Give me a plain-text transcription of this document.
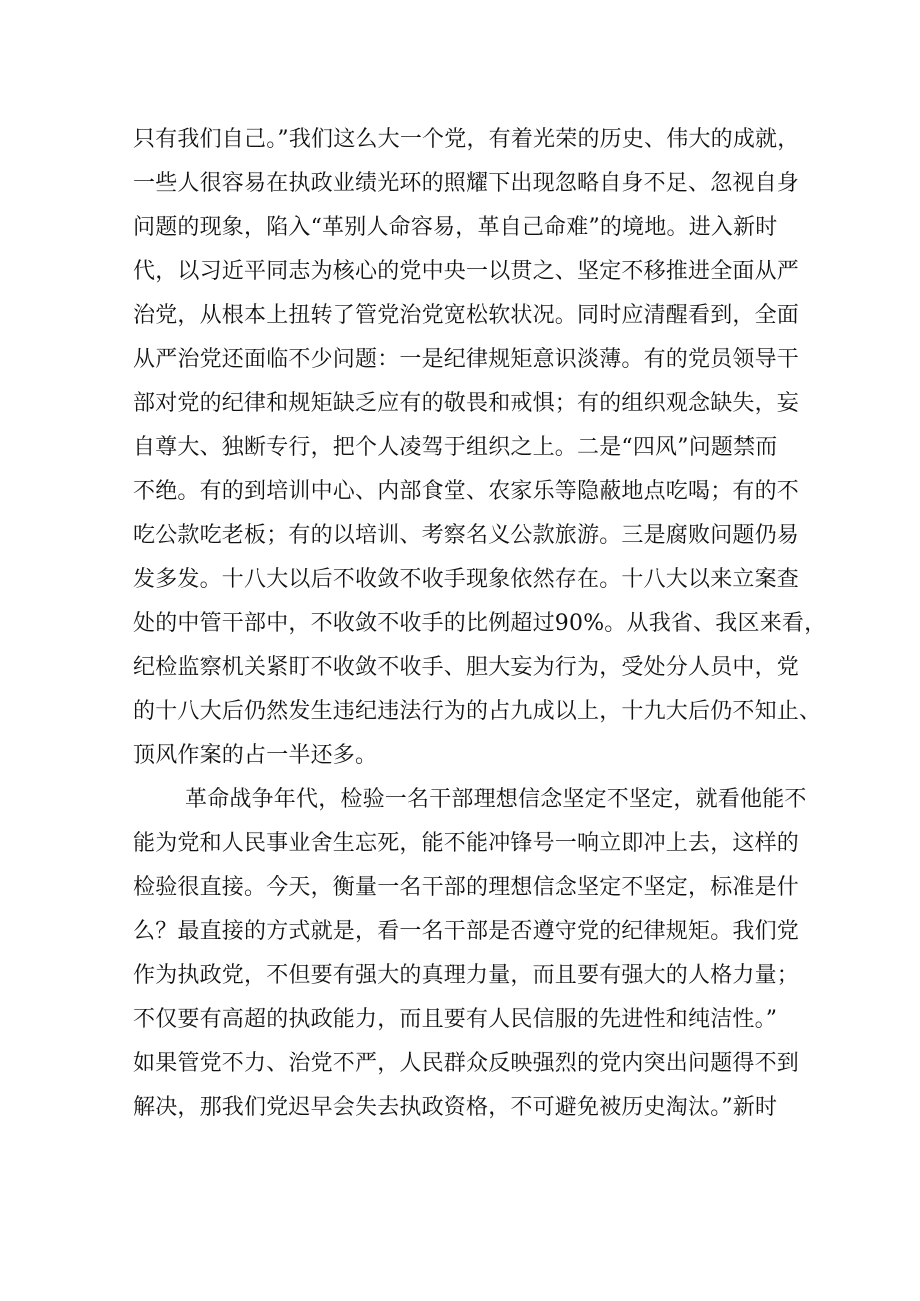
只有我们自己。”我们这么大一个党，有着光荣的历史、伟大的成就，
一些人很容易在执政业绩光环的照耀下出现忽略自身不足、忽视自身
问题的现象，陷入“革别人命容易，革自己命难”的境地。进入新时
代，以习近平同志为核心的党中央一以贯之、坚定不移推进全面从严
治党，从根本上扭转了管党治党宽松软状况。同时应清醒看到，全面
从严治党还面临不少问题：一是纪律规矩意识淡薄。有的党员领导干
部对党的纪律和规矩缺乏应有的敬畏和戒惧；有的组织观念缺失，妄
自尊大、独断专行，把个人凌驾于组织之上。二是“四风”问题禁而
不绝。有的到培训中心、内部食堂、农家乐等隐蔽地点吃喝；有的不
吃公款吃老板；有的以培训、考察名义公款旅游。三是腐败问题仍易
发多发。十八大以后不收敛不收手现象依然存在。十八大以来立案查
处的中管干部中，不收敛不收手的比例超过90%。从我省、我区来看，
纪检监察机关紧盯不收敛不收手、胆大妄为行为，受处分人员中，党
的十八大后仍然发生违纪违法行为的占九成以上，十九大后仍不知止、
顶风作案的占一半还多。
革命战争年代，检验一名干部理想信念坚定不坚定，就看他能不
能为党和人民事业舍生忘死，能不能冲锋号一响立即冲上去，这样的
检验很直接。今天，衡量一名干部的理想信念坚定不坚定，标准是什
么？最直接的方式就是，看一名干部是否遵守党的纪律规矩。我们党
作为执政党，不但要有强大的真理力量，而且要有强大的人格力量；
不仅要有高超的执政能力，而且要有人民信服的先进性和纯洁性。”
如果管党不力、治党不严，人民群众反映强烈的党内突出问题得不到
解决，那我们党迟早会失去执政资格，不可避免被历史淘汰。”新时
